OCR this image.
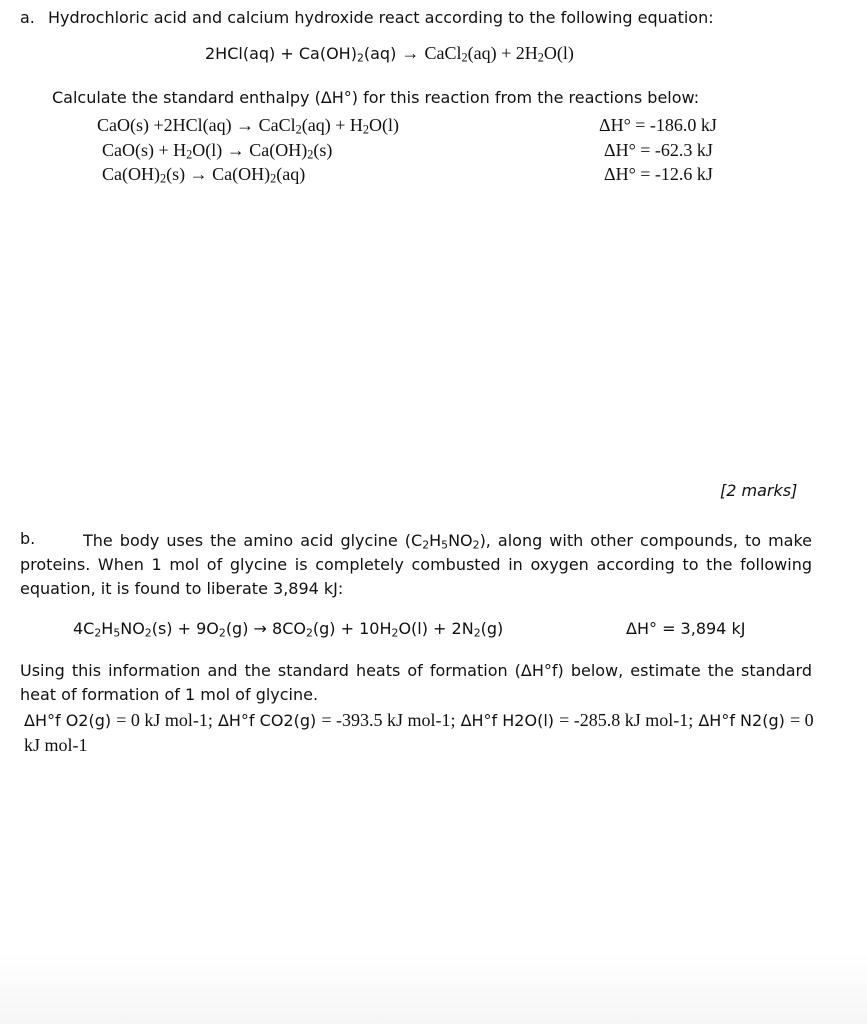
a. Hydrochloric acid and calcium hydroxide react according to the following equation:
$2HCl(aq) + Ca(OH)_2(aq)$ → CaCl$_2$(aq) + $2H_2O(l)$
Calculate the standard enthalpy (ΔH°) for this reaction from the reactions below:
CaO(s) +2HCl(aq) → CaCl$_2$(aq) + $H_2O(l)$	ΔH° = -186.0 kJ
$CaO(s) + H_2O(l) \to Ca(OH)_2(s)$	ΔH° = -62.3 kJ
$Ca(OH)_2(s) \to Ca(OH)_2(aq)$	ΔH° = -12.6 kJ
[2 marks]
b.	The body uses the amino acid glycine $(C_2H_5NO_2)$, along with other compounds, to make proteins. When 1 mol of glycine is completely combusted in oxygen according to the following equation, it is found to liberate 3,894 kJ:
$4C_2H_5NO_2(s) + 9O_2(g) \to 8CO_2(g) + 10H_2O(l) + 2N_2(g)$	ΔH° = 3,894 kJ
Using this information and the standard heats of formation (ΔH°f) below, estimate the standard heat of formation of 1 mol of glycine.
ΔH°f O2(g) = 0 kJ mol-1; ΔH°f CO2(g) = -393.5 kJ mol-1; ΔH°f H2O(l) = -285.8 kJ mol-1; ΔH°f N2(g) = 0 kJ mol-1
